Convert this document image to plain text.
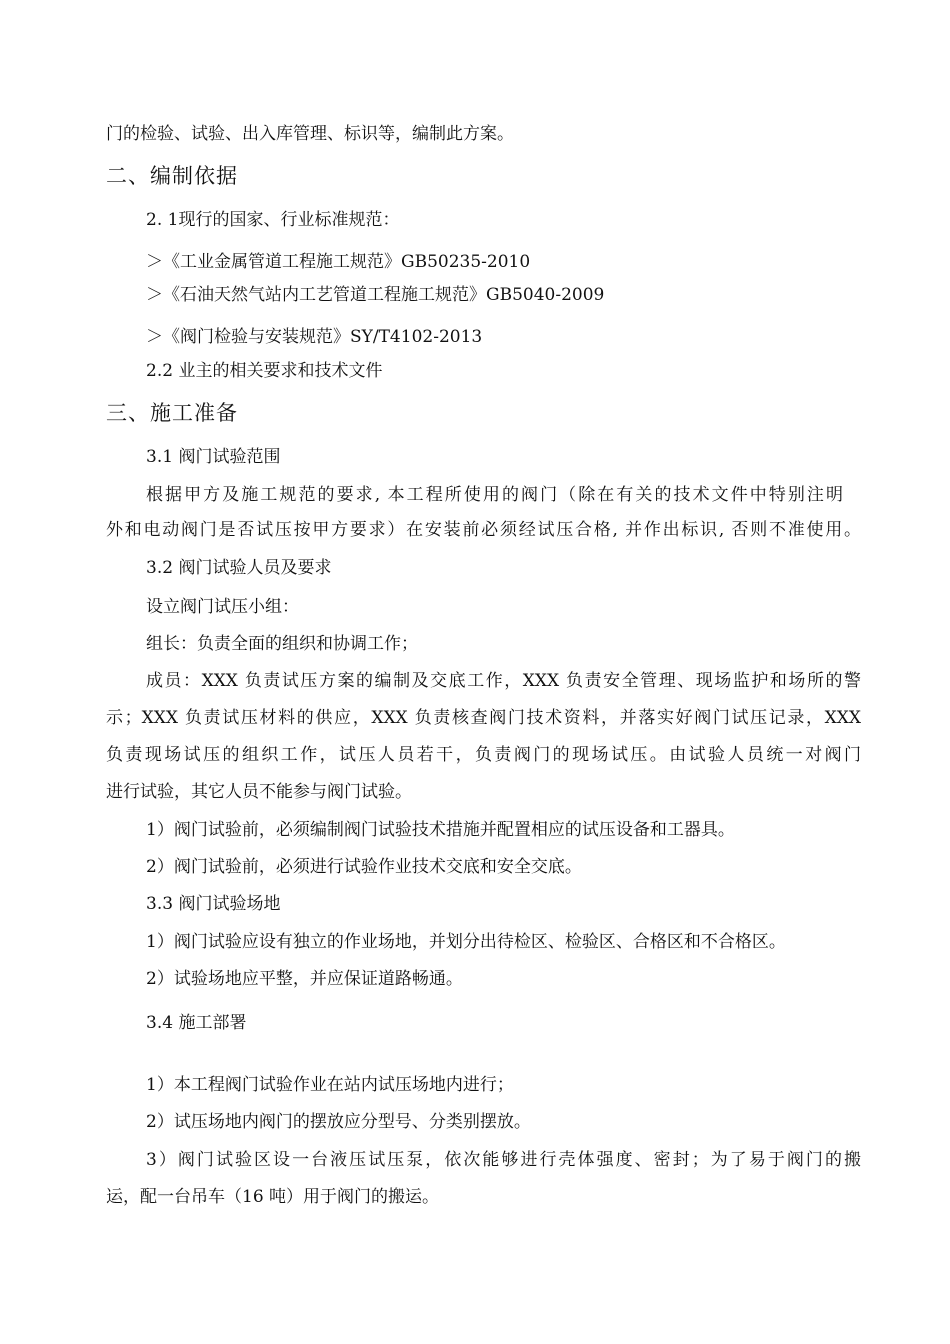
门的检验、试验、出入库管理、标识等，编制此方案。
二、编制依据
2. 1现行的国家、行业标准规范：
＞《工业金属管道工程施工规范》GB50235-2010
＞《石油天然气站内工艺管道工程施工规范》GB5040-2009
＞《阀门检验与安装规范》SY/T4102-2013
2.2 业主的相关要求和技术文件
三、施工准备
3.1 阀门试验范围
根据甲方及施工规范的要求, 本工程所使用的阀门（除在有关的技术文件中特别注明
外和电动阀门是否试压按甲方要求）在安装前必须经试压合格, 并作出标识, 否则不准使用。
3.2 阀门试验人员及要求
设立阀门试压小组：
组长：负责全面的组织和协调工作；
成员：XXX 负责试压方案的编制及交底工作，XXX 负责安全管理、现场监护和场所的警
示；XXX 负责试压材料的供应，XXX 负责核查阀门技术资料，并落实好阀门试压记录，XXX
负责现场试压的组织工作，试压人员若干，负责阀门的现场试压。由试验人员统一对阀门
进行试验，其它人员不能参与阀门试验。
1）阀门试验前，必须编制阀门试验技术措施并配置相应的试压设备和工器具。
2）阀门试验前，必须进行试验作业技术交底和安全交底。
3.3 阀门试验场地
1）阀门试验应设有独立的作业场地，并划分出待检区、检验区、合格区和不合格区。
2）试验场地应平整，并应保证道路畅通。
3.4 施工部署
1）本工程阀门试验作业在站内试压场地内进行；
2）试压场地内阀门的摆放应分型号、分类别摆放。
3）阀门试验区设一台液压试压泵，依次能够进行壳体强度、密封；为了易于阀门的搬
运，配一台吊车（16 吨）用于阀门的搬运。
